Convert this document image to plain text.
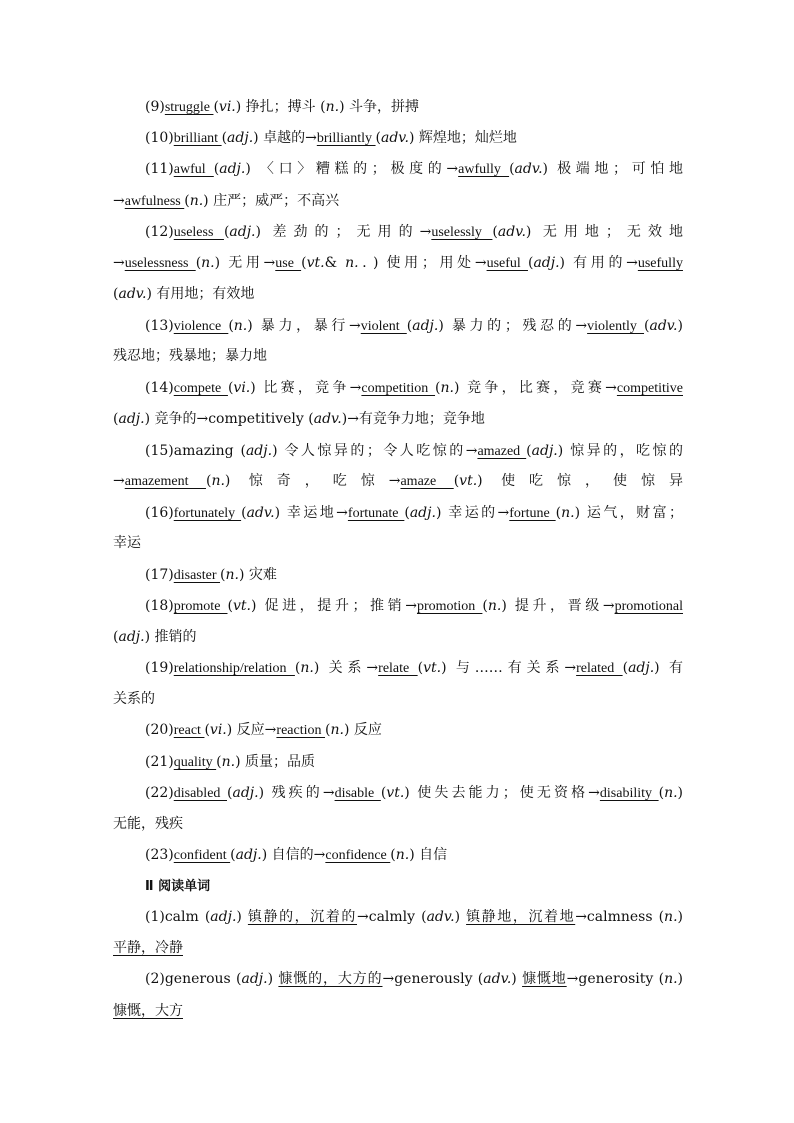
(9)struggle (vi.) 挣扎；搏斗 (n.) 斗争，拼搏
(10)brilliant (adj.) 卓越的→brilliantly (adv.) 辉煌地；灿烂地
(11)awful (adj.) 〈口〉糟糕的；极度的→awfully (adv.) 极端地；可怕地
→awfulness (n.) 庄严；威严；不高兴
(12)useless (adj.) 差劲的；无用的→uselessly (adv.) 无用地；无效地
→uselessness (n.) 无用→use (vt.& n.．) 使用；用处→useful (adj.) 有用的→usefully
(adv.) 有用地；有效地
(13)violence (n.) 暴力，暴行→violent (adj.) 暴力的；残忍的→violently (adv.)
残忍地；残暴地；暴力地
(14)compete (vi.) 比赛，竞争→competition (n.) 竞争，比赛，竞赛→competitive
(adj.) 竞争的→competitively (adv.)→有竞争力地；竞争地
(15)amazing (adj.) 令人惊异的；令人吃惊的→amazed (adj.) 惊异的，吃惊的
→amazement (n.) 惊奇，吃惊→amaze (vt.) 使吃惊，使惊异
(16)fortunately (adv.) 幸运地→fortunate (adj.) 幸运的→fortune (n.) 运气，财富；
幸运
(17)disaster (n.) 灾难
(18)promote (vt.) 促进，提升；推销→promotion (n.) 提升，晋级→promotional
(adj.) 推销的
(19)relationship/relation (n.) 关系→relate (vt.) 与……有关系→related (adj.) 有
关系的
(20)react (vi.) 反应→reaction (n.) 反应
(21)quality (n.) 质量；品质
(22)disabled (adj.) 残疾的→disable (vt.) 使失去能力；使无资格→disability (n.)
无能，残疾
(23)confident (adj.) 自信的→confidence (n.) 自信
Ⅱ 阅读单词
(1)calm (adj.) 镇静的，沉着的→calmly (adv.) 镇静地，沉着地→calmness (n.)
平静，冷静
(2)generous (adj.) 慷慨的，大方的→generously (adv.) 慷慨地→generosity (n.)
慷慨，大方
